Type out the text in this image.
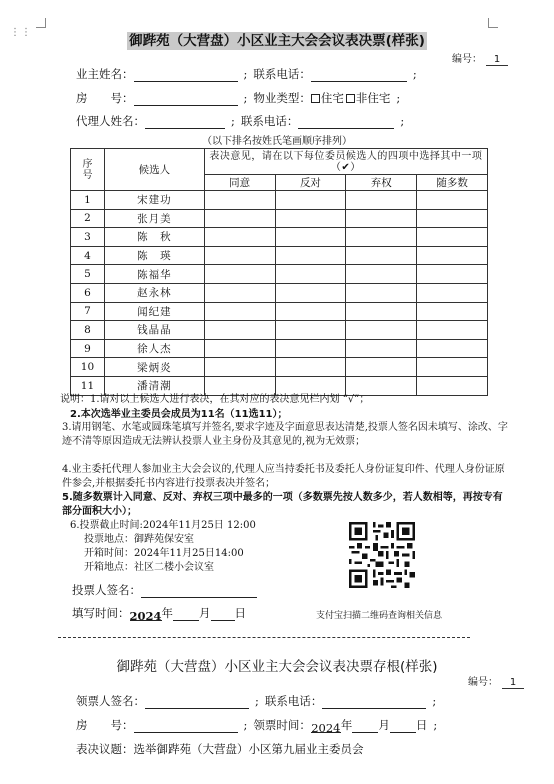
⋮⋮
御跸苑（大营盘）小区业主大会会议表决票(样张)
编号： 1
业主姓名：	; 联系电话：	;
房　　号：	; 物业类型： 住宅 非住宅 ;
代理人姓名：	; 联系电话：	;
（以下排名按姓氏笔画顺序排列）
序号	候选人	表决意见，请在以下每位委员候选人的四项中选择其中一项（✔）			
		同意	反对	弃权	随多数
1	宋建功				
2	张月美				
3	陈　秋				
4	陈　瑛				
5	陈福华				
6	赵永林				
7	闻纪建				
8	钱晶晶				
9	徐人杰				
10	梁炳炎				
11	潘清潮				
说明：1.请对以上候选人进行表决，在其对应的表决意见栏内划 “√”；
2.本次选举业主委员会成员为11名（11选11）；
3.请用钢笔、水笔或圆珠笔填写并签名,要求字迹及字面意思表达清楚,投票人签名因未填写、涂改、字迹不清等原因造成无法辨认投票人业主身份及其意见的,视为无效票；
4.业主委托代理人参加业主大会会议的,代理人应当持委托书及委托人身份证复印件、代理人身份证原件参会,并根据委托书内容进行投票表决并签名；
5.随多数票计入同意、反对、弃权三项中最多的一项（多数票先按人数多少，若人数相等，再按专有部分面积大小）；
6.投票截止时间:2024年11月25日 12:00
投票地点：御跸苑保安室
开箱时间：2024年11月25日14:00
开箱地点：社区二楼小会议室
投票人签名：
填写时间：2024年 月 日	支付宝扫描二维码查询相关信息
御跸苑（大营盘）小区业主大会会议表决票存根(样张)
编号： 1
领票人签名：	; 联系电话：	;
房　　号：	; 领票时间：2024年 月 日 ;
表决议题：选举御跸苑（大营盘）小区第九届业主委员会
